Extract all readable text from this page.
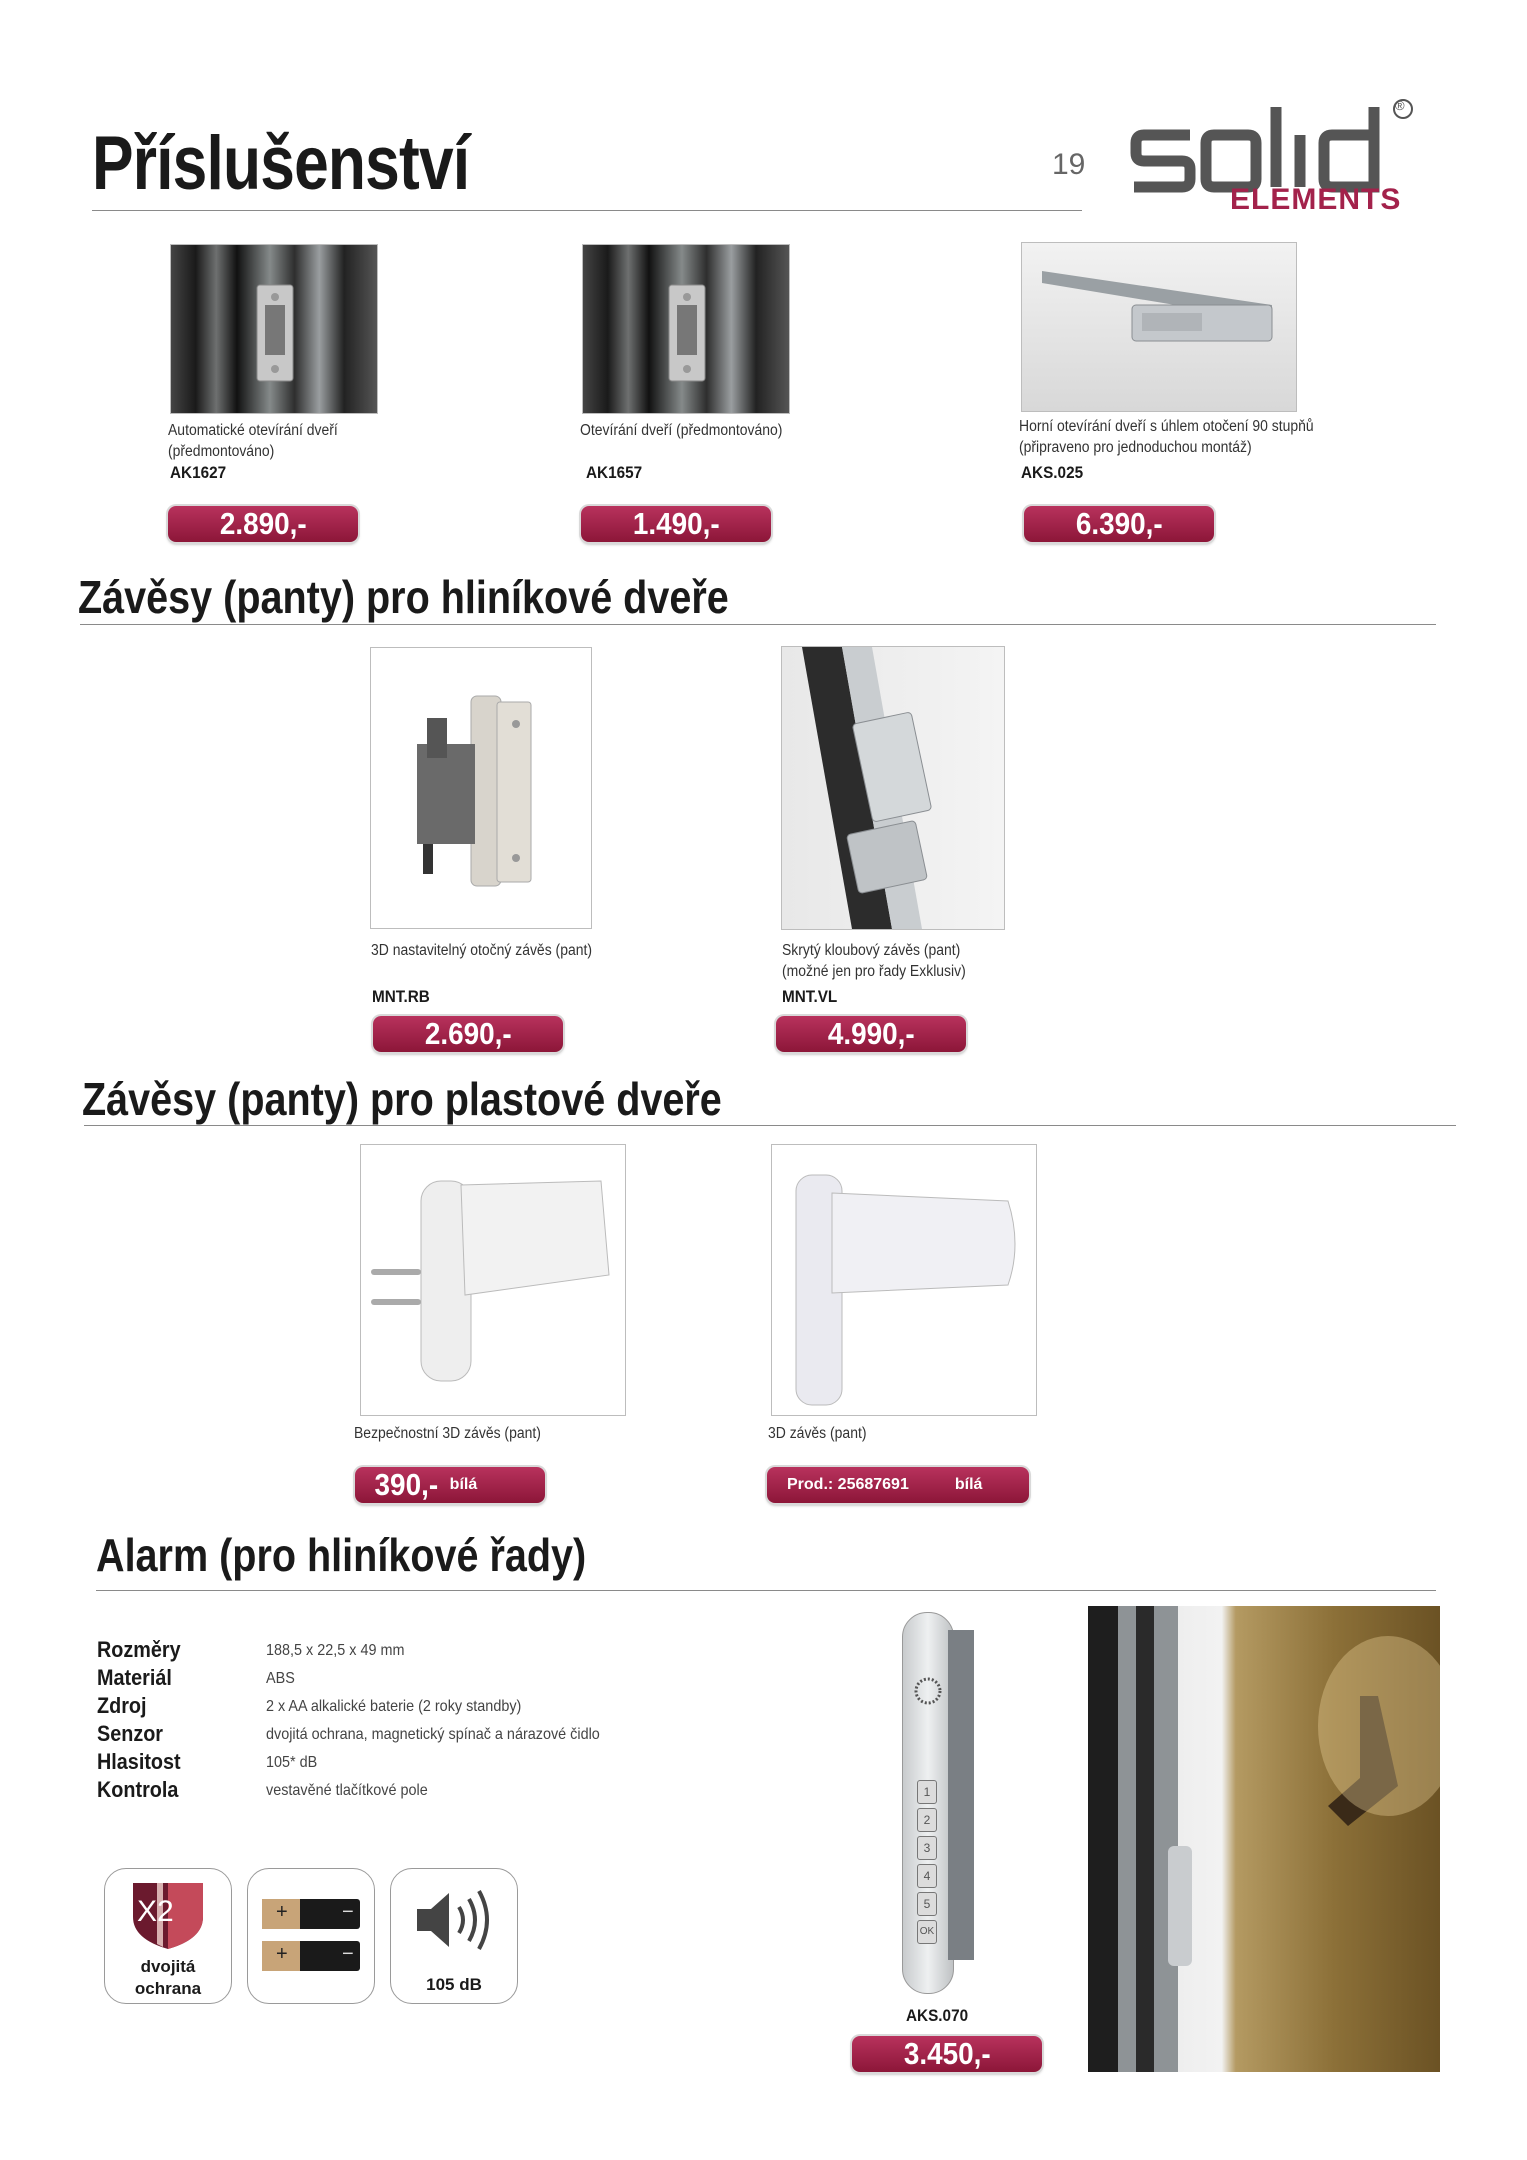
Příslušenství	19
®
ELEMENTS
Automatické otevírání dveří
(předmontováno)
Otevírání dveří (předmontováno)	Horní otevírání dveří s úhlem otočení 90 stupňů
(připraveno pro jednoduchou montáž)
AK1627	AK1657	AKS.025
2.890,-	1.490,-	6.390,-
Závěsy (panty) pro hliníkové dveře
3D nastavitelný otočný závěs (pant)	Skrytý kloubový závěs (pant)
(možné jen pro řady Exklusiv)
MNT.RB	MNT.VL
2.690,-	4.990,-
Závěsy (panty) pro plastové dveře
Bezpečnostní 3D závěs (pant)	3D závěs (pant)
390,- bílá	Prod.: 25687691	bílá
Alarm (pro hliníkové řady)
Rozměry	188,5 x 22,5 x 49 mm
Materiál	ABS
Zdroj	2 x AA alkalické baterie (2 roky standby)
Senzor	dvojitá ochrana, magnetický spínač a nárazové čidlo
Hlasitost	105* dB
Kontrola	vestavěné tlačítkové pole
X2
dvojitá
ochrana
+	−
+	−
105 dB
1
2
3
4
5
OK
AKS.070
3.450,-
